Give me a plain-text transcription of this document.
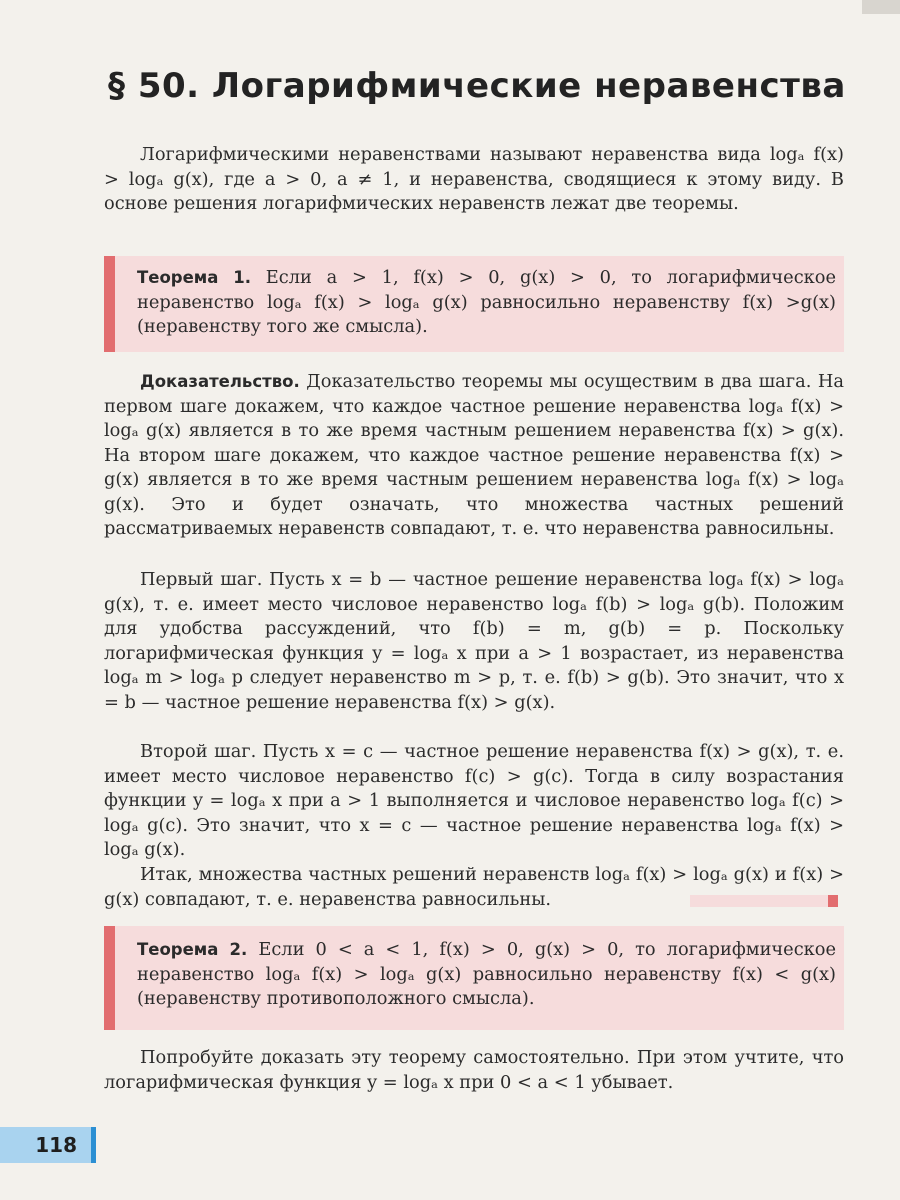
§ 50. Логарифмические неравенства

Логарифмическими неравенствами называют неравенства вида logₐ f(x) > logₐ g(x), где a > 0, a ≠ 1, и неравенства, сводящиеся к этому виду. В основе решения логарифмических неравенств лежат две теоремы.

Теорема 1. Если a > 1, f(x) > 0, g(x) > 0, то логарифмическое неравенство logₐ f(x) > logₐ g(x) равносильно неравенству f(x) >g(x) (неравенству того же смысла).

Доказательство. Доказательство теоремы мы осуществим в два шага. На первом шаге докажем, что каждое частное решение неравенства logₐ f(x) > logₐ g(x) является в то же время частным решением неравенства f(x) > g(x). На втором шаге докажем, что каждое частное решение неравенства f(x) > g(x) является в то же время частным решением неравенства logₐ f(x) > logₐ g(x). Это и будет означать, что множества частных решений рассматриваемых неравенств совпадают, т. е. что неравенства равносильны.

Первый шаг. Пусть x = b — частное решение неравенства logₐ f(x) > logₐ g(x), т. е. имеет место числовое неравенство logₐ f(b) > logₐ g(b). Положим для удобства рассуждений, что f(b) = m, g(b) = p. Поскольку логарифмическая функция y = logₐ x при a > 1 возрастает, из неравенства logₐ m > logₐ p следует неравенство m > p, т. е. f(b) > g(b). Это значит, что x = b — частное решение неравенства f(x) > g(x).

Второй шаг. Пусть x = c — частное решение неравенства f(x) > g(x), т. е. имеет место числовое неравенство f(c) > g(c). Тогда в силу возрастания функции y = logₐ x при a > 1 выполняется и числовое неравенство logₐ f(c) > logₐ g(c). Это значит, что x = c — частное решение неравенства logₐ f(x) > logₐ g(x).

Итак, множества частных решений неравенств logₐ f(x) > logₐ g(x) и f(x) > g(x) совпадают, т. е. неравенства равносильны.

Теорема 2. Если 0 < a < 1, f(x) > 0, g(x) > 0, то логарифмическое неравенство logₐ f(x) > logₐ g(x) равносильно неравенству f(x) < g(x) (неравенству противоположного смысла).

Попробуйте доказать эту теорему самостоятельно. При этом учтите, что логарифмическая функция y = logₐ x при 0 < a < 1 убывает.

118
